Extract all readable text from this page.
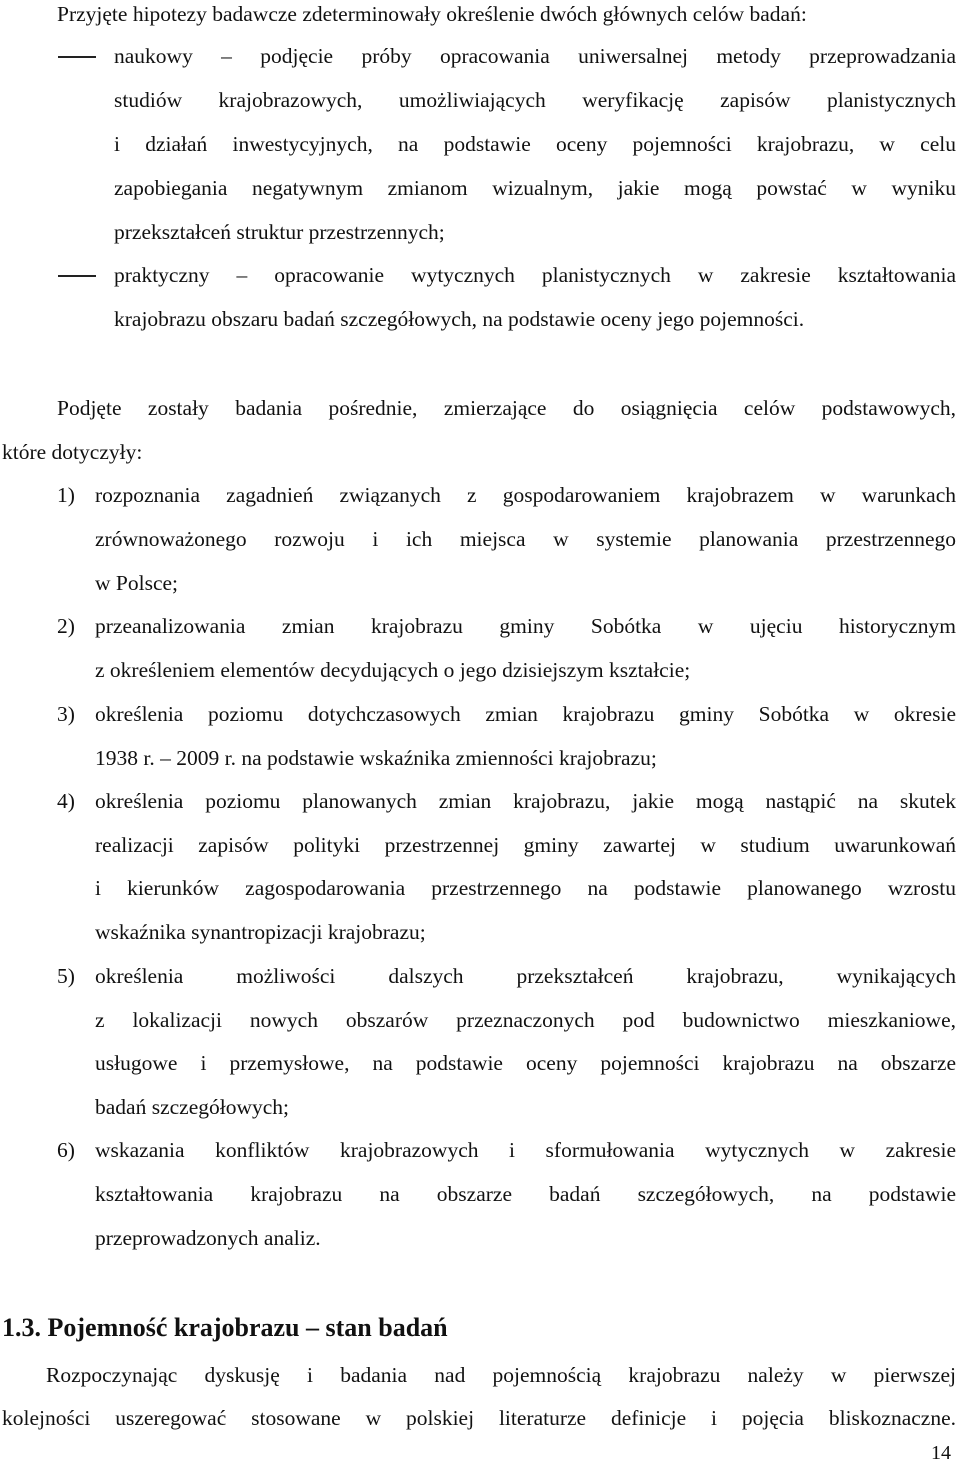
Przyjęte hipotezy badawcze zdeterminowały określenie dwóch głównych celów badań:
naukowy – podjęcie próby opracowania uniwersalnej metody przeprowadzania
studiów krajobrazowych, umożliwiających weryfikację zapisów planistycznych
i działań inwestycyjnych, na podstawie oceny pojemności krajobrazu, w celu
zapobiegania negatywnym zmianom wizualnym, jakie mogą powstać w wyniku
przekształceń struktur przestrzennych;
praktyczny – opracowanie wytycznych planistycznych w zakresie kształtowania
krajobrazu obszaru badań szczegółowych, na podstawie oceny jego pojemności.
Podjęte zostały badania pośrednie, zmierzające do osiągnięcia celów podstawowych,
które dotyczyły:
1) rozpoznania zagadnień związanych z gospodarowaniem krajobrazem w warunkach
zrównoważonego rozwoju i ich miejsca w systemie planowania przestrzennego
w Polsce;
2) przeanalizowania zmian krajobrazu gminy Sobótka w ujęciu historycznym
z określeniem elementów decydujących o jego dzisiejszym kształcie;
3) określenia poziomu dotychczasowych zmian krajobrazu gminy Sobótka w okresie
1938 r. – 2009 r. na podstawie wskaźnika zmienności krajobrazu;
4) określenia poziomu planowanych zmian krajobrazu, jakie mogą nastąpić na skutek
realizacji zapisów polityki przestrzennej gminy zawartej w studium uwarunkowań
i kierunków zagospodarowania przestrzennego na podstawie planowanego wzrostu
wskaźnika synantropizacji krajobrazu;
5) określenia możliwości dalszych przekształceń krajobrazu, wynikających
z lokalizacji nowych obszarów przeznaczonych pod budownictwo mieszkaniowe,
usługowe i przemysłowe, na podstawie oceny pojemności krajobrazu na obszarze
badań szczegółowych;
6) wskazania konfliktów krajobrazowych i sformułowania wytycznych w zakresie
kształtowania krajobrazu na obszarze badań szczegółowych, na podstawie
przeprowadzonych analiz.
1.3. Pojemność krajobrazu – stan badań
Rozpoczynając dyskusję i badania nad pojemnością krajobrazu należy w pierwszej
kolejności uszeregować stosowane w polskiej literaturze definicje i pojęcia bliskoznaczne.
14
